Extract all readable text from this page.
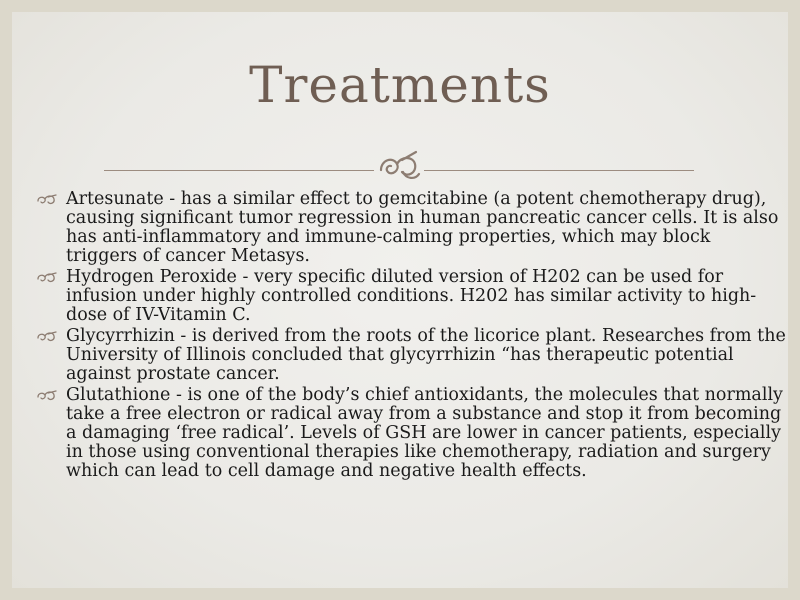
Treatments
Artesunate - has a similar effect to gemcitabine (a potent chemotherapy drug), causing significant tumor regression in human pancreatic cancer cells. It is also has anti-inflammatory and immune-calming properties, which may block triggers of cancer Metasys.
Hydrogen Peroxide - very specific diluted version of H202 can be used for infusion under highly controlled conditions. H202 has similar activity to high-dose of IV-Vitamin C.
Glycyrrhizin - is derived from the roots of the licorice plant. Researches from the University of Illinois concluded that glycyrrhizin “has therapeutic potential against prostate cancer.
Glutathione - is one of the body’s chief antioxidants, the molecules that normally take a free electron or radical away from a substance and stop it from becoming a damaging ‘free radical’. Levels of GSH are lower in cancer patients, especially in those using conventional therapies like chemotherapy, radiation and surgery which can lead to cell damage and negative health effects.
